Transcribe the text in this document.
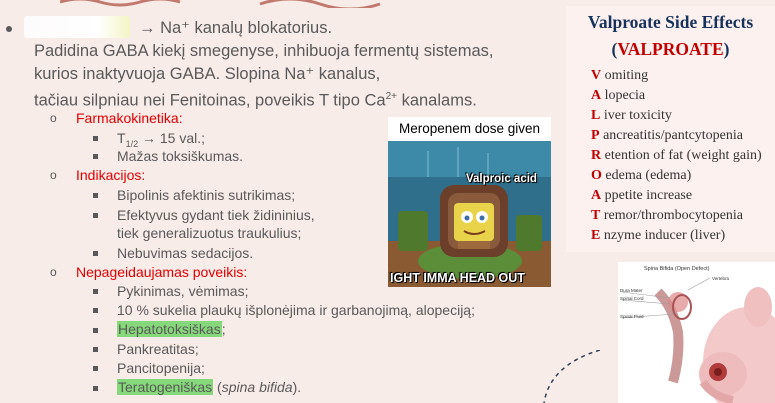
→ Na⁺ kanalų blokatorius.
Padidina GABA kiekį smegenyse, inhibuoja fermentų sistemas,
kurios inaktyvuoja GABA. Slopina Na⁺ kanalus,
tačiau silpniau nei Fenitoinas, poveikis T tipo $Ca^{2+}$ kanalams.
o Farmakokinetika:
$T_{1/2} \to 15$ val.;
Mažas toksiškumas.
o Indikacijos:
Bipolinis afektinis sutrikimas;
Efektyvus gydant tiek židininius,
tiek generalizuotus traukulius;
Nebuvimas sedacijos.
o Nepageidaujamas poveikis:
Pykinimas, vėmimas;
10 % sukelia plaukų išplonėjima ir garbanojimą, alopeciją;
Hepatotoksiškas;
Pankreatitas;
Pancitopenija;
Teratogeniškas (spina bifida).
Meropenem dose given
Valproic acid
IGHT IMMA HEAD OUT
Valproate Side Effects
(VALPROATE)
V omiting
A lopecia
L iver toxicity
P ancreatitis/pantcytopenia
R etention of fat (weight gain)
O edema (edema)
A ppetite increase
T remor/thrombocytopenia
E nzyme inducer (liver)
Spina Bifida (Open Defect)
Vertebra
Dura Mater
Spinal Cord
Spinal Fluid
